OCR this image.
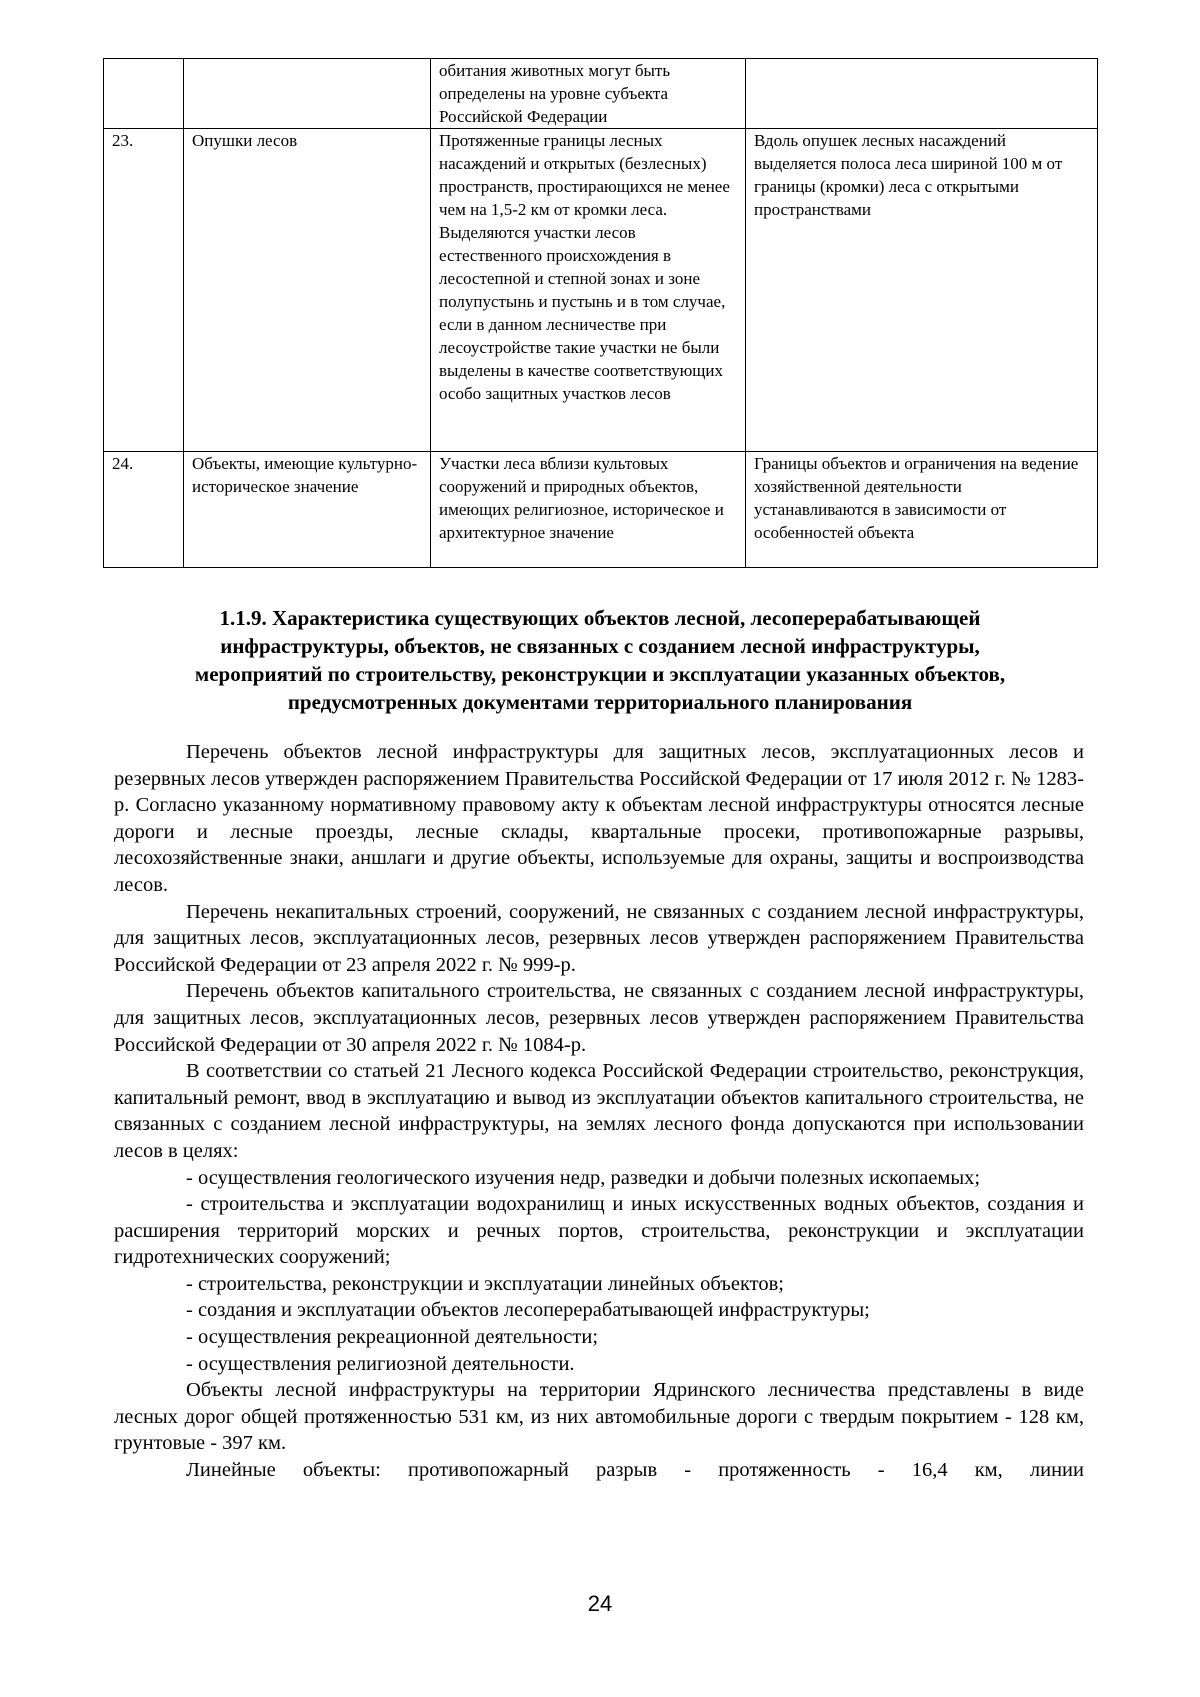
		обитания животных могут быть определены на уровне субъекта Российской Федерации	
23.	Опушки лесов	Протяженные границы лесных насаждений и открытых (безлесных) пространств, простирающихся не менее чем на 1,5-2 км от кромки леса. Выделяются участки лесов естественного происхождения в лесостепной и степной зонах и зоне полупустынь и пустынь и в том случае, если в данном лесничестве при лесоустройстве такие участки не были выделены в качестве соответствующих особо защитных участков лесов	Вдоль опушек лесных насаждений выделяется полоса леса шириной 100 м от границы (кромки) леса с открытыми пространствами
24.	Объекты, имеющие культурно-историческое значение	Участки леса вблизи культовых сооружений и природных объектов, имеющих религиозное, историческое и архитектурное значение	Границы объектов и ограничения на ведение хозяйственной деятельности устанавливаются в зависимости от особенностей объекта
1.1.9. Характеристика существующих объектов лесной, лесоперерабатывающей
инфраструктуры, объектов, не связанных с созданием лесной инфраструктуры,
мероприятий по строительству, реконструкции и эксплуатации указанных объектов,
предусмотренных документами территориального планирования

Перечень объектов лесной инфраструктуры для защитных лесов, эксплуатационных лесов и резервных лесов утвержден распоряжением Правительства Российской Федерации от 17 июля 2012 г. № 1283-р. Согласно указанному нормативному правовому акту к объектам лесной инфраструктуры относятся лесные дороги и лесные проезды, лесные склады, квартальные просеки, противопожарные разрывы, лесохозяйственные знаки, аншлаги и другие объекты, используемые для охраны, защиты и воспроизводства лесов.

Перечень некапитальных строений, сооружений, не связанных с созданием лесной инфраструктуры, для защитных лесов, эксплуатационных лесов, резервных лесов утвержден распоряжением Правительства Российской Федерации от 23 апреля 2022 г. № 999-р.

Перечень объектов капитального строительства, не связанных с созданием лесной инфраструктуры, для защитных лесов, эксплуатационных лесов, резервных лесов утвержден распоряжением Правительства Российской Федерации от 30 апреля 2022 г. № 1084-р.

В соответствии со статьей 21 Лесного кодекса Российской Федерации строительство, реконструкция, капитальный ремонт, ввод в эксплуатацию и вывод из эксплуатации объектов капитального строительства, не связанных с созданием лесной инфраструктуры, на землях лесного фонда допускаются при использовании лесов в целях:

- осуществления геологического изучения недр, разведки и добычи полезных ископаемых;

- строительства и эксплуатации водохранилищ и иных искусственных водных объектов, создания и расширения территорий морских и речных портов, строительства, реконструкции и эксплуатации гидротехнических сооружений;

- строительства, реконструкции и эксплуатации линейных объектов;

- создания и эксплуатации объектов лесоперерабатывающей инфраструктуры;

- осуществления рекреационной деятельности;

- осуществления религиозной деятельности.

Объекты лесной инфраструктуры на территории Ядринского лесничества представлены в виде лесных дорог общей протяженностью 531 км, из них автомобильные дороги с твердым покрытием - 128 км, грунтовые - 397 км.

Линейные объекты: противопожарный разрыв - протяженность - 16,4 км, линии

24
